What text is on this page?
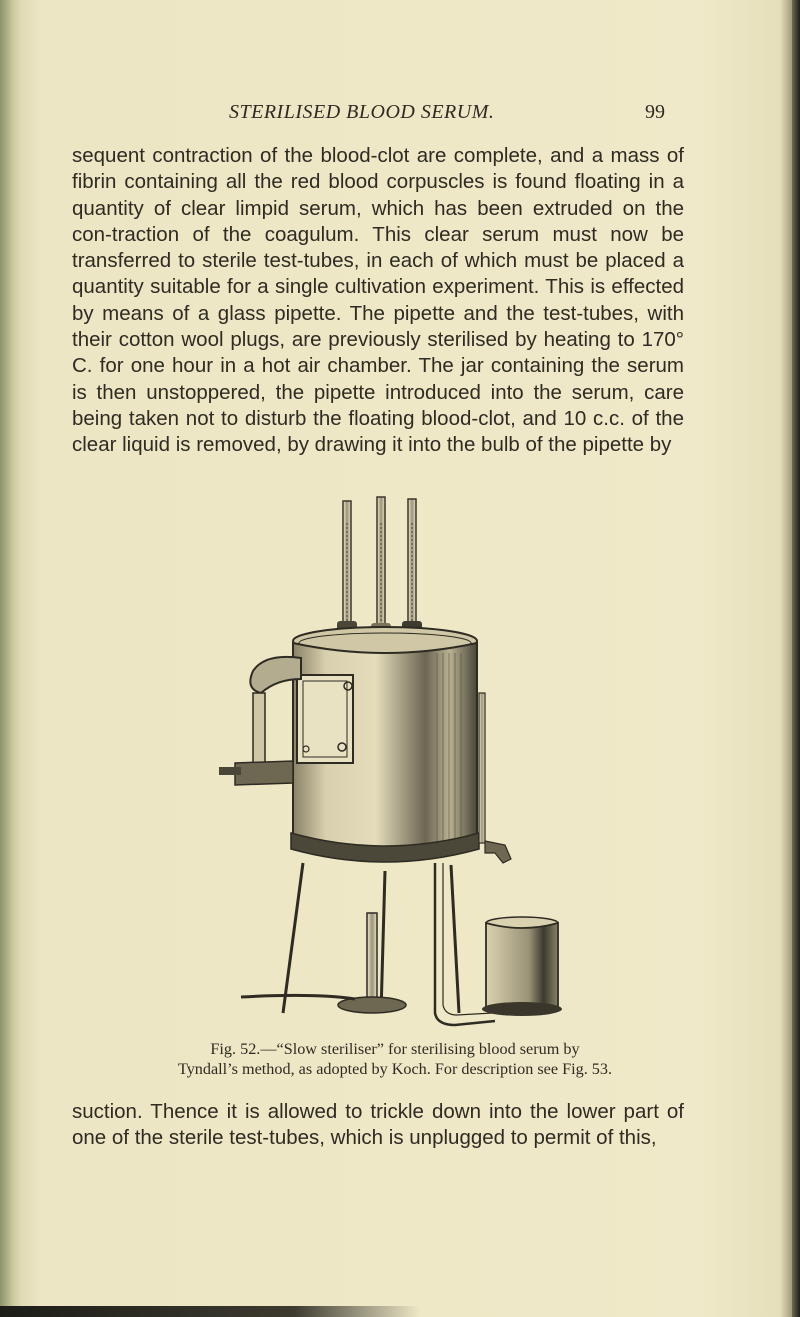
STERILISED BLOOD SERUM.	99

sequent contraction of the blood-clot are complete, and a mass of fibrin containing all the red blood corpuscles is found floating in a quantity of clear limpid serum, which has been extruded on the con-traction of the coagulum. This clear serum must now be transferred to sterile test-tubes, in each of which must be placed a quantity suitable for a single cultivation experiment. This is effected by means of a glass pipette. The pipette and the test-tubes, with their cotton wool plugs, are previously sterilised by heating to 170° C. for one hour in a hot air chamber. The jar containing the serum is then unstoppered, the pipette introduced into the serum, care being taken not to disturb the floating blood-clot, and 10 c.c. of the clear liquid is removed, by drawing it into the bulb of the pipette by

Fig. 52.—“Slow steriliser” for sterilising blood serum by
Tyndall’s method, as adopted by Koch. For description see Fig. 53.

suction. Thence it is allowed to trickle down into the lower part of one of the sterile test-tubes, which is unplugged to permit of this,
